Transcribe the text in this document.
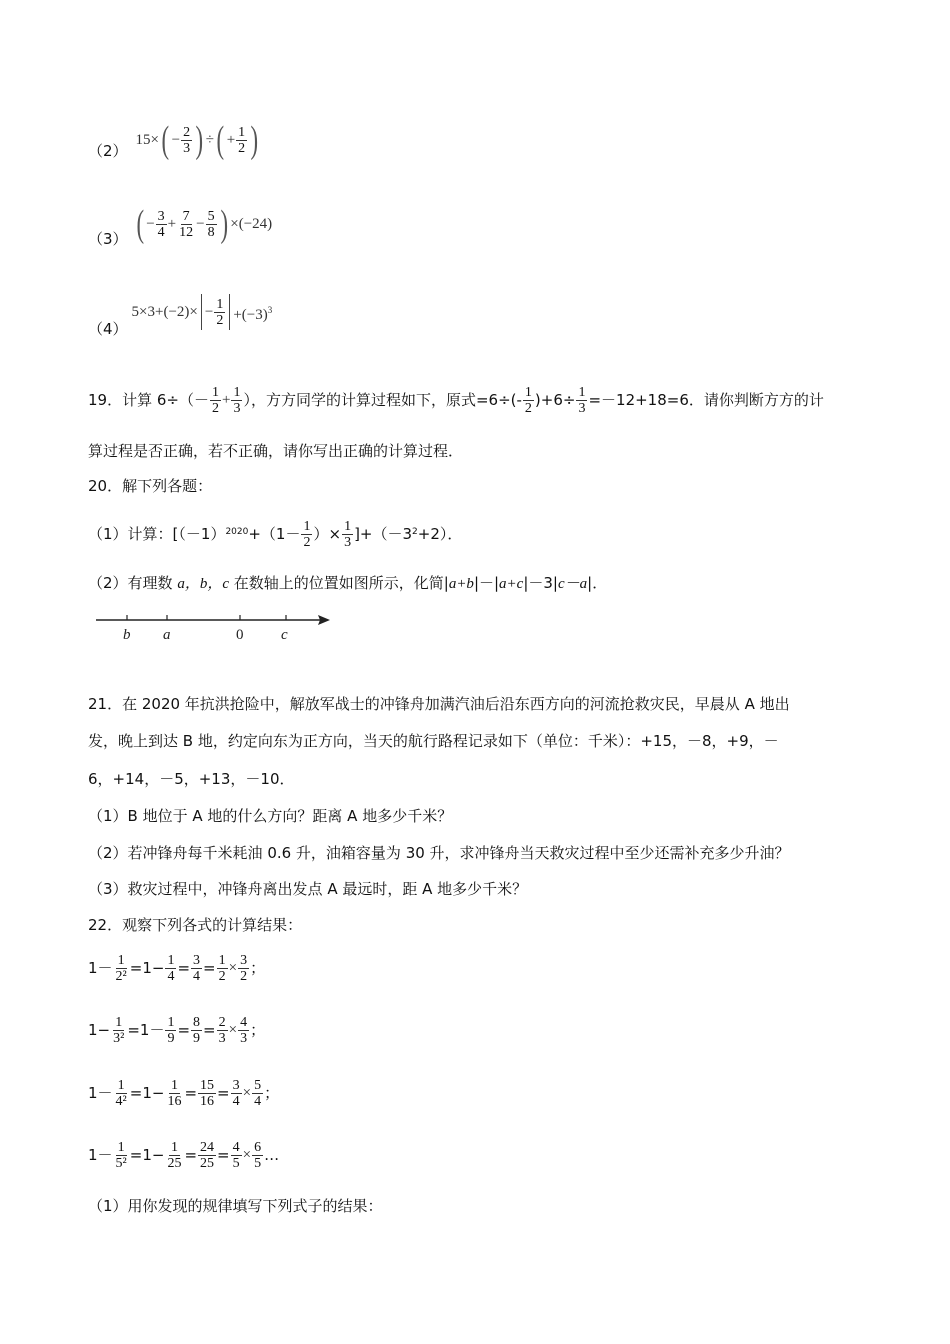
（2）
15× ( − $\frac{2}{3}$ ) ÷ ( + $\frac{1}{2}$ )
（3） ( − $\frac{3}{4} + \frac{7}{12} - \frac{5}{8}$ ) ×(−24)
（4）
$5\times 3+(-2)\times - \frac{1}{2} +(-3)^3$
19． 计算 $6\div(- \frac{1}{2} + \frac{1}{3}$ ），方方同学的计算过程如下，原式$=6\div(- \frac{1}{2} )+6\div \frac{1}{3} =-12+18=6$．请你判断方方的计
算过程是否正确，若不正确，请你写出正确的计算过程．
20．解下列各题：
（1）计算：[（－1） $2020 +(1- \frac{1}{2}$ ）× $\frac{1}{3} ]+(-3$ 2 +2）．
（2）有理数 a，b，c 在数轴上的位置如图所示，化简|a+b|－|a+c|－3|c－a|．
b a	0	c
21．在 2020 年抗洪抢险中，解放军战士的冲锋舟加满汽油后沿东西方向的河流抢救灾民，早晨从 A 地出
发，晚上到达 B 地，约定向东为正方向，当天的航行路程记录如下（单位：千米）：+15，－8，+9，－
6，+14，－5，+13，－10．
（1）B 地位于 A 地的什么方向？距离 A 地多少千米？
（2）若冲锋舟每千米耗油 0.6 升，油箱容量为 30 升，求冲锋舟当天救灾过程中至少还需补充多少升油？
（3）救灾过程中，冲锋舟离出发点 A 最远时，距 A 地多少千米？
22．观察下列各式的计算结果：
$1- \frac{1}{\text{2²}} =1- \frac{1}{4} = \frac{3}{4} = \frac{1}{2} \times \frac{3}{2}$ ；
$1- \frac{1}{\text{3²}} =1- \frac{1}{9} = \frac{8}{9} = \frac{2}{3} \times \frac{4}{3}$ ；
$1- \frac{1}{\text{4²}} =1- \frac{1}{16} = \frac{15}{16} = \frac{3}{4} \times \frac{5}{4}$ ；
$1- \frac{1}{\text{5²}} =1- \frac{1}{25} = \frac{24}{25} = \frac{4}{5} \times \frac{6}{5}$ …
（1）用你发现的规律填写下列式子的结果：
